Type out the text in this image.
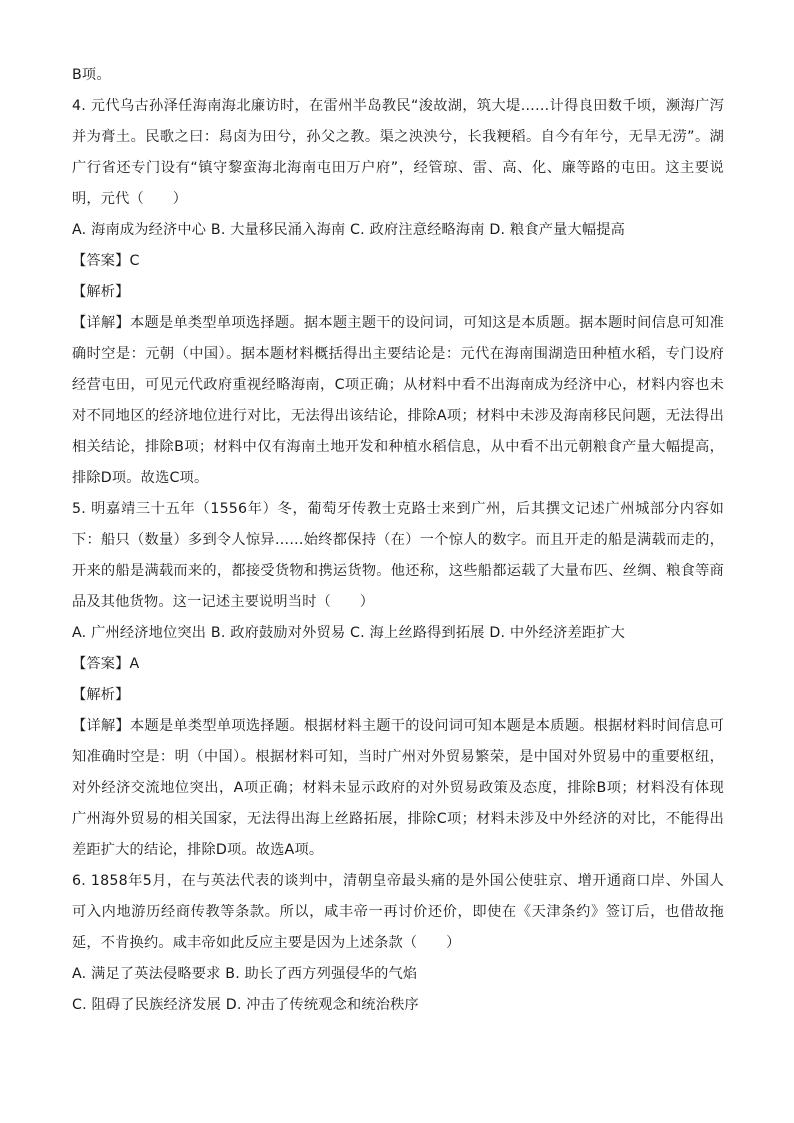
B项。

4. 元代乌古孙泽任海南海北廉访时，在雷州半岛教民“浚故湖，筑大堤……计得良田数千顷，濒海广泻并为膏土。民歌之曰：舄卤为田兮，孙父之教。渠之泱泱兮，长我粳稻。自今有年兮，无旱无涝”。湖广行省还专门设有“镇守黎蛮海北海南屯田万户府”，经管琼、雷、高、化、廉等路的屯田。这主要说明，元代（　　）

A. 海南成为经济中心 B. 大量移民涌入海南 C. 政府注意经略海南 D. 粮食产量大幅提高

【答案】C

【解析】

【详解】本题是单类型单项选择题。据本题主题干的设问词，可知这是本质题。据本题时间信息可知准确时空是：元朝（中国）。据本题材料概括得出主要结论是：元代在海南围湖造田种植水稻，专门设府经营屯田，可见元代政府重视经略海南，C项正确；从材料中看不出海南成为经济中心，材料内容也未对不同地区的经济地位进行对比，无法得出该结论，排除A项；材料中未涉及海南移民问题，无法得出相关结论，排除B项；材料中仅有海南土地开发和种植水稻信息，从中看不出元朝粮食产量大幅提高，排除D项。故选C项。

5. 明嘉靖三十五年（1556年）冬，葡萄牙传教士克路士来到广州，后其撰文记述广州城部分内容如下：船只（数量）多到令人惊异……始终都保持（在）一个惊人的数字。而且开走的船是满载而走的，开来的船是满载而来的，都接受货物和携运货物。他还称，这些船都运载了大量布匹、丝绸、粮食等商品及其他货物。这一记述主要说明当时（　　）

A. 广州经济地位突出 B. 政府鼓励对外贸易 C. 海上丝路得到拓展 D. 中外经济差距扩大

【答案】A

【解析】

【详解】本题是单类型单项选择题。根据材料主题干的设问词可知本题是本质题。根据材料时间信息可知准确时空是：明（中国）。根据材料可知，当时广州对外贸易繁荣，是中国对外贸易中的重要枢纽，对外经济交流地位突出，A项正确；材料未显示政府的对外贸易政策及态度，排除B项；材料没有体现广州海外贸易的相关国家，无法得出海上丝路拓展，排除C项；材料未涉及中外经济的对比，不能得出差距扩大的结论，排除D项。故选A项。

6. 1858年5月，在与英法代表的谈判中，清朝皇帝最头痛的是外国公使驻京、增开通商口岸、外国人可入内地游历经商传教等条款。所以，咸丰帝一再讨价还价，即使在《天津条约》签订后，也借故拖延，不肯换约。咸丰帝如此反应主要是因为上述条款（　　）

A. 满足了英法侵略要求 B. 助长了西方列强侵华的气焰

C. 阻碍了民族经济发展 D. 冲击了传统观念和统治秩序
